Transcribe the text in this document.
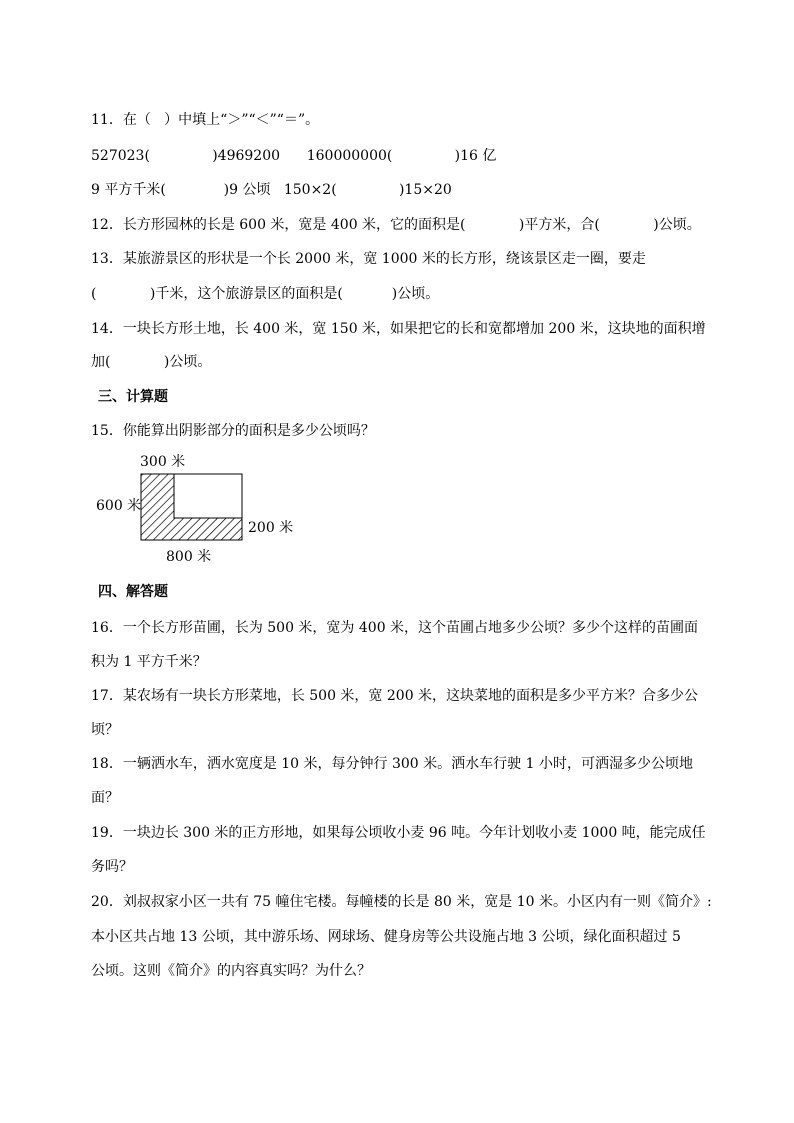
11．在（   ）中填上“＞”“＜”“＝”。
527023(              )4969200      160000000(              )16 亿
9 平方千米(             )9 公顷   150×2(              )15×20
12．长方形园林的长是 600 米，宽是 400 米，它的面积是(            )平方米，合(            )公顷。
13．某旅游景区的形状是一个长 2000 米，宽 1000 米的长方形，绕该景区走一圈，要走
(            )千米，这个旅游景区的面积是(           )公顷。
14．一块长方形土地，长 400 米，宽 150 米，如果把它的长和宽都增加 200 米，这块地的面积增
加(            )公顷。
三、计算题
15．你能算出阴影部分的面积是多少公顷吗？
300 米
600 米
200 米
800 米
四、解答题
16．一个长方形苗圃，长为 500 米，宽为 400 米，这个苗圃占地多少公顷？多少个这样的苗圃面
积为 1 平方千米？
17．某农场有一块长方形菜地，长 500 米，宽 200 米，这块菜地的面积是多少平方米？合多少公
顷？
18．一辆洒水车，洒水宽度是 10 米，每分钟行 300 米。洒水车行驶 1 小时，可洒湿多少公顷地
面？
19．一块边长 300 米的正方形地，如果每公顷收小麦 96 吨。今年计划收小麦 1000 吨，能完成任
务吗？
20．刘叔叔家小区一共有 75 幢住宅楼。每幢楼的长是 80 米，宽是 10 米。小区内有一则《简介》:
本小区共占地 13 公顷，其中游乐场、网球场、健身房等公共设施占地 3 公顷，绿化面积超过 5
公顷。这则《简介》的内容真实吗？为什么？
